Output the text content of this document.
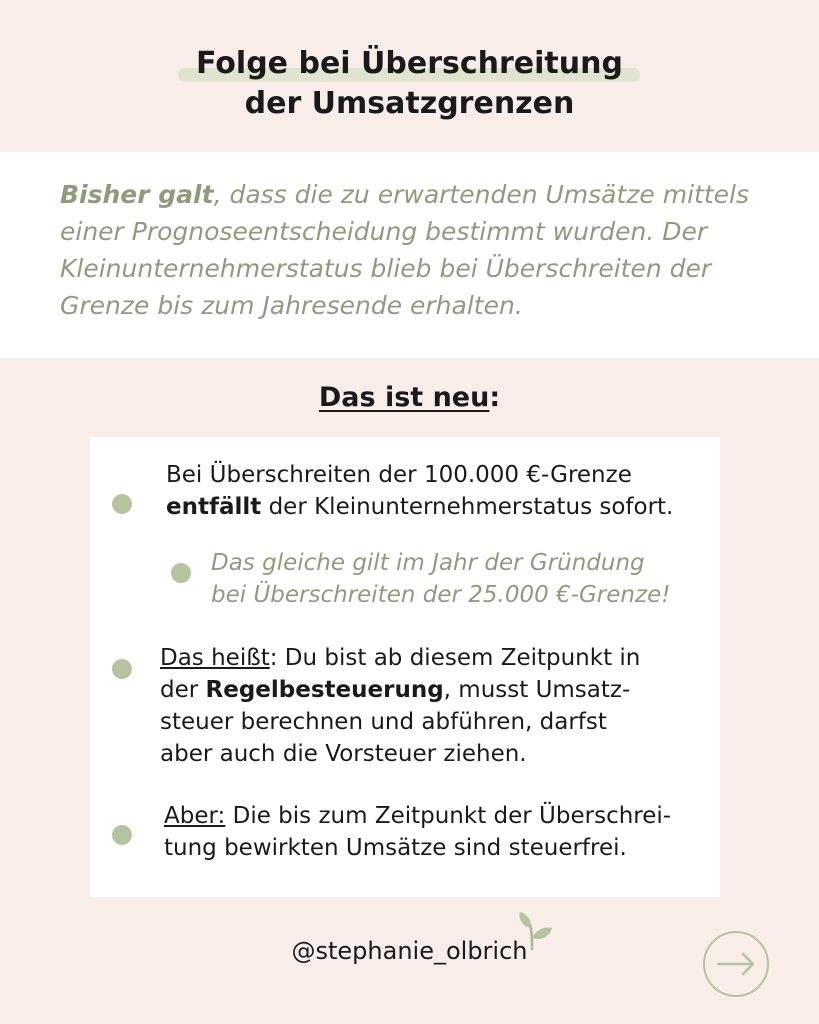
Folge bei Überschreitung
der Umsatzgrenzen

Bisher galt, dass die zu erwartenden Umsätze mittels
einer Prognoseentscheidung bestimmt wurden. Der
Kleinunternehmerstatus blieb bei Überschreiten der
Grenze bis zum Jahresende erhalten.

Das ist neu:
Bei Überschreiten der 100.000 €-Grenze
entfällt der Kleinunternehmerstatus sofort.
Das gleiche gilt im Jahr der Gründung
bei Überschreiten der 25.000 €-Grenze!
Das heißt: Du bist ab diesem Zeitpunkt in
der Regelbesteuerung, musst Umsatz-
steuer berechnen und abführen, darfst
aber auch die Vorsteuer ziehen.
Aber: Die bis zum Zeitpunkt der Überschrei-
tung bewirkten Umsätze sind steuerfrei.
@stephanie_olbrich
